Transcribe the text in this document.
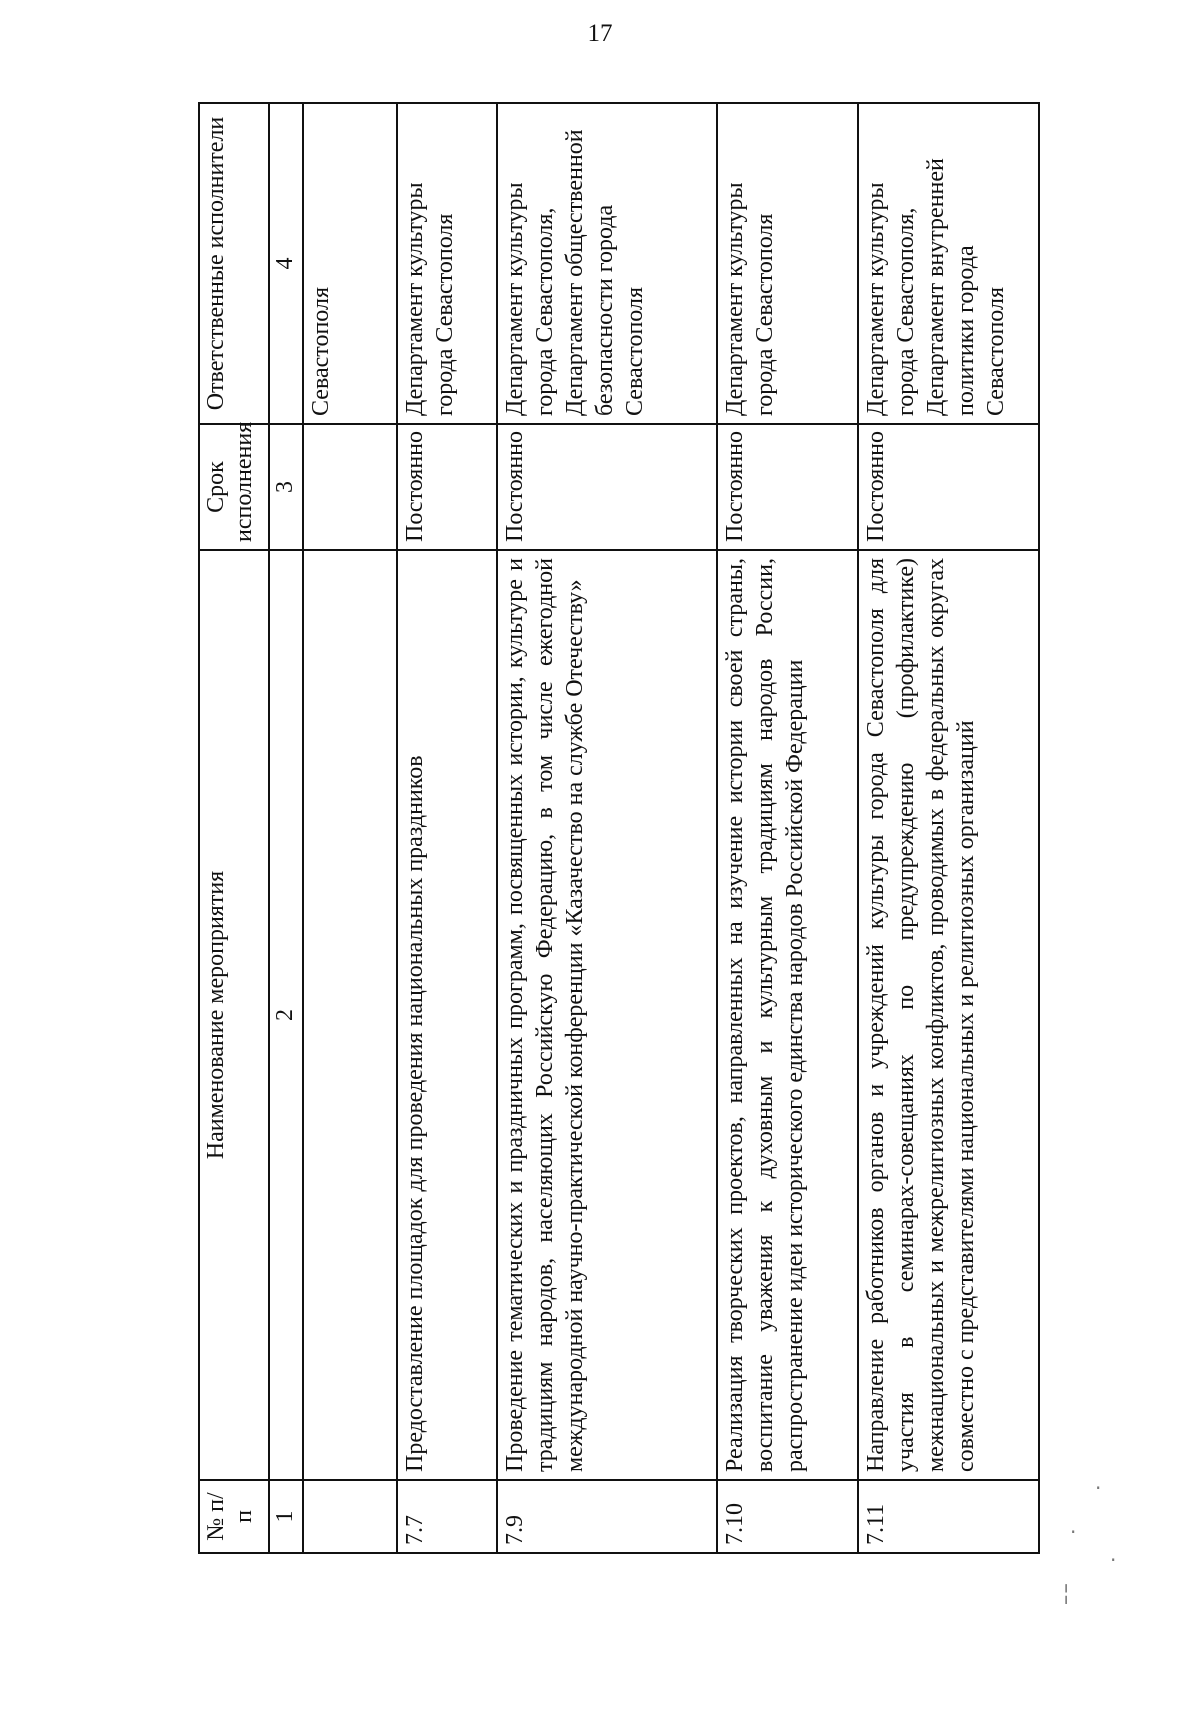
17
№ п/п	Наименование мероприятия	Срок исполнения	Ответственные исполнители
1	2	3	4
			Севастополя
7.7	Предоставление площадок для проведения национальных праздников	Постоянно	Департамент культуры города Севастополя
7.9	Проведение тематических и праздничных программ, посвященных истории, культуре и традициям народов, населяющих Российскую Федерацию, в том числе ежегодной международной научно-практической конференции «Казачество на службе Отечеству»	Постоянно	Департамент культуры города Севастополя, Департамент общественной безопасности города Севастополя
7.10	Реализация творческих проектов, направленных на изучение истории своей страны, воспитание уважения к духовным и культурным традициям народов России, распространение идеи исторического единства народов Российской Федерации	Постоянно	Департамент культуры города Севастополя
7.11	Направление работников органов и учреждений культуры города Севастополя для участия в семинарах-совещаниях по предупреждению (профилактике) межнациональных и межрелигиозных конфликтов, проводимых в федеральных округах совместно с представителями национальных и религиозных организаций	Постоянно	Департамент культуры города Севастополя, Департамент внутренней политики города Севастополя
·
·
·
╎
